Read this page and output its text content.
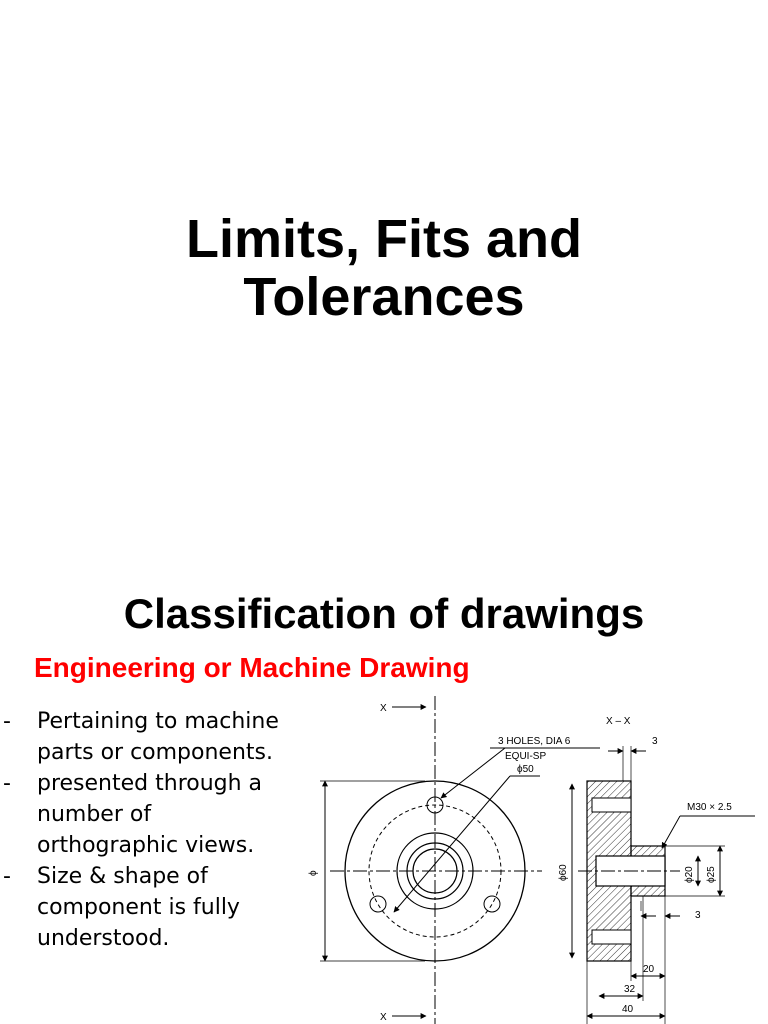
Limits, Fits and
Tolerances
Classification of drawings
Engineering or Machine Drawing
- Pertaining to machine
parts or components.
- presented through a
number of
orthographic views.
- Size & shape of
component is fully
understood.
ϕ
ϕ50
3 HOLES, DIA 6
EQUI-SP
X
X
X – X
ϕ60	ϕ20 ϕ25
3
M30 × 2.5
3
20
32
40
